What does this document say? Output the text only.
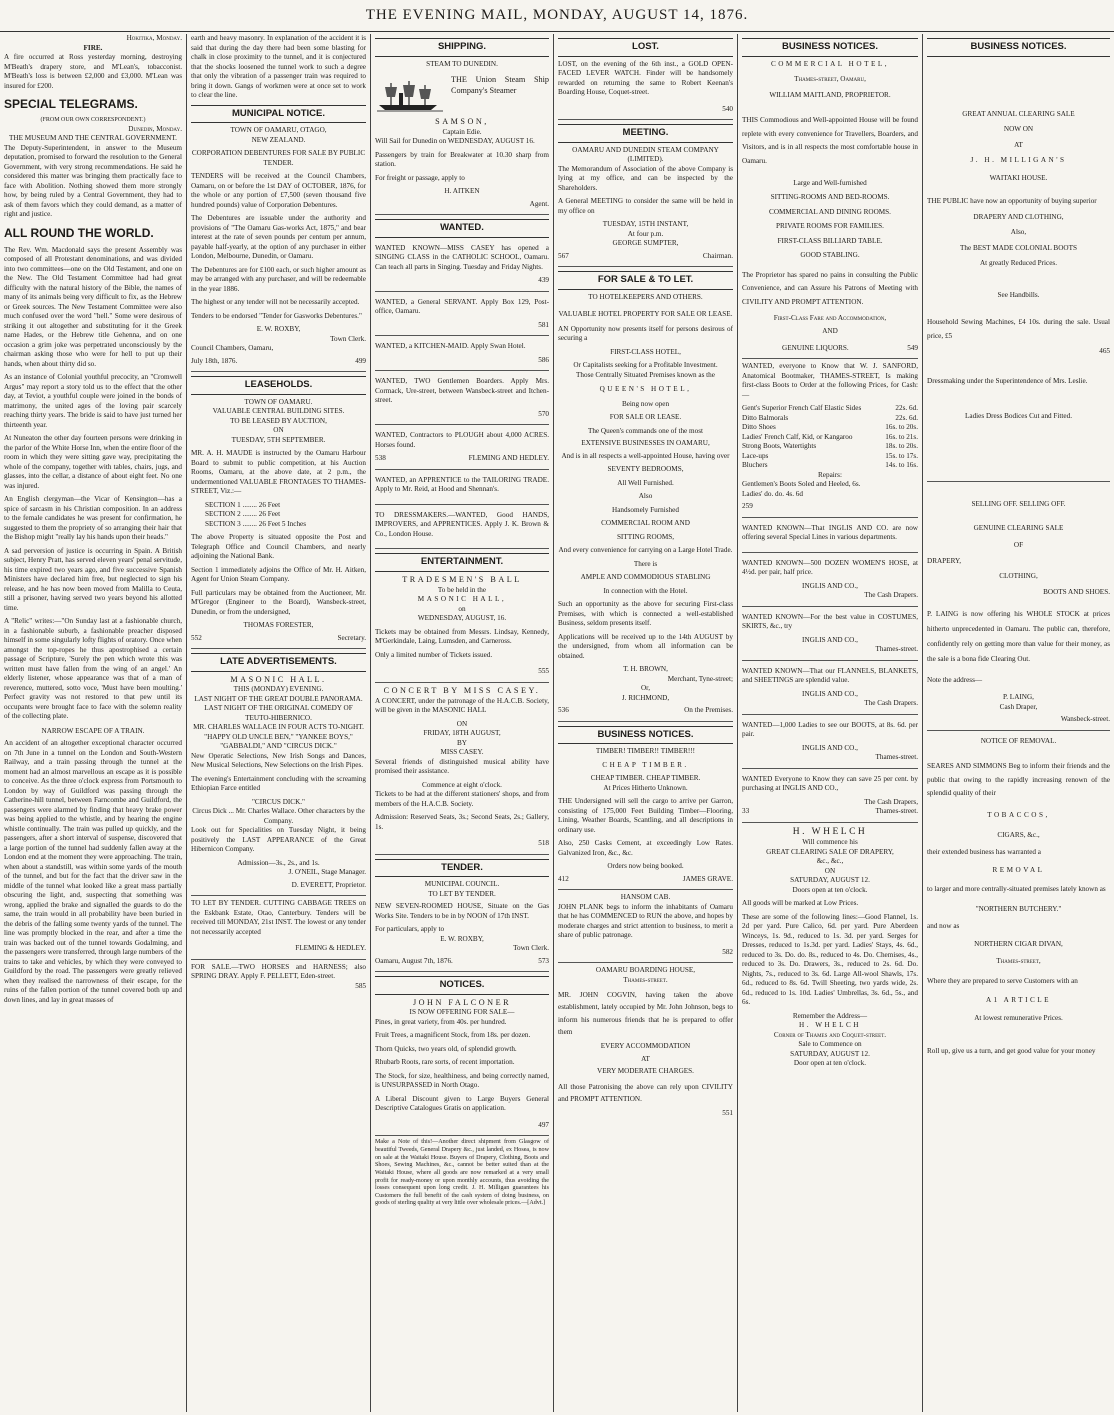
THE EVENING MAIL, MONDAY, AUGUST 14, 1876.
Hokitika, Monday.
FIRE.

A fire occurred at Ross yesterday morning, destroying M'Beath's drapery store, and M'Lean's, tobacconist. M'Beath's loss is between £2,000 and £3,000. M'Lean was insured for £200.

SPECIAL TELEGRAMS.
(FROM OUR OWN CORRESPONDENT.)
Dunedin, Monday.
THE MUSEUM AND THE CENTRAL GOVERNMENT.

The Deputy-Superintendent, in answer to the Museum deputation, promised to forward the resolution to the General Government, with very strong recommendations. He said he considered this matter was bringing them practically face to face with Abolition. Nothing showed them more strongly how, by being ruled by a Central Government, they had to ask of them favors which they could demand, as a matter of right and justice.

ALL ROUND THE WORLD.

The Rev. Wm. Macdonald says the present Assembly was composed of all Protestant denominations, and was divided into two committees—one on the Old Testament, and one on the New. The Old Testament Committee had had great difficulty with the natural history of the Bible, the names of many of its animals being very difficult to fix, as the Hebrew or Greek sources. The New Testament Committee were also much confused over the word "hell." Some were desirous of striking it out altogether and substituting for it the Greek name Hades, or the Hebrew title Gehenna, and on one occasion a grim joke was perpetrated unconsciously by the chairman asking those who were for hell to put up their hands, when about thirty did so.

As an instance of Colonial youthful precocity, an "Cromwell Argus" may report a story told us to the effect that the other day, at Teviot, a youthful couple were joined in the bonds of matrimony, the united ages of the loving pair scarcely reaching thirty years. The bride is said to have just turned her thirteenth year.

At Nuneaton the other day fourteen persons were drinking in the parlor of the White Horse Inn, when the entire floor of the room in which they were sitting gave way, precipitating the whole of the company, together with tables, chairs, jugs, and glasses, into the cellar, a distance of about eight feet. No one was injured.

An English clergyman—the Vicar of Kensington—has a spice of sarcasm in his Christian composition. In an address to the female candidates he was present for confirmation, he suggested to them the propriety of so arranging their hair that the Bishop might "really lay his hands upon their heads."

A sad perversion of justice is occurring in Spain. A British subject, Henry Pratt, has served eleven years' penal servitude, his time expired two years ago, and five successive Spanish Ministers have declared him free, but neglected to sign his release, and he has now been moved from Malilla to Ceuta, still a prisoner, having served two years beyond his allotted time.

A "Relic" writes:—"On Sunday last at a fashionable church, in a fashionable suburb, a fashionable preacher disposed himself in some singularly lofty flights of oratory. Once when amongst the top-ropes he thus apostrophised a certain passage of Scripture, 'Surely the pen which wrote this was written must have fallen from the wing of an angel.' An elderly listener, whose appearance was that of a man of reverence, muttered, sotto voce, 'Must have been moulting.' Perfect gravity was not restored to that pew until its occupants were brought face to face with the solemn reality of the collecting plate.

NARROW ESCAPE OF A TRAIN.

An accident of an altogether exceptional character occurred on 7th June in a tunnel on the London and South-Western Railway, and a train passing through the tunnel at the moment had an almost marvellous an escape as it is possible to conceive. As the three o'clock express from Portsmouth to London by way of Guildford was passing through the Catherine-hill tunnel, between Farncombe and Guildford, the passengers were alarmed by finding that heavy brake power was being applied to the whistle, and by hearing the engine whistle continually. The train was pulled up quickly, and the passengers, after a short interval of suspense, discovered that a large portion of the tunnel had suddenly fallen away at the London end at the moment they were approaching. The train, when about a standstill, was within some yards of the mouth of the tunnel, and but for the fact that the driver saw in the middle of the tunnel what looked like a great mass partially obscuring the light, and, suspecting that something was wrong, applied the brake and signalled the guards to do the same, the train would in all probability have been buried in the debris of the falling some twenty yards of the tunnel. The line was promptly blocked in the rear, and after a time the train was backed out of the tunnel towards Godalming, and the passengers were transferred, through large numbers of the trains to take and vehicles, by which they were conveyed to Guildford by the road. The passengers were greatly relieved when they realised the narrowness of their escape, for the ruins of the fallen portion of the tunnel covered both up and down lines, and lay in great masses of

earth and heavy masonry. In explanation of the accident it is said that during the day there had been some blasting for chalk in close proximity to the tunnel, and it is conjectured that the shocks loosened the tunnel work to such a degree that only the vibration of a passenger train was required to bring it down. Gangs of workmen were at once set to work to clear the line.

MUNICIPAL NOTICE.
TOWN OF OAMARU, OTAGO,
NEW ZEALAND.
CORPORATION DEBENTURES FOR SALE BY PUBLIC TENDER.

TENDERS will be received at the Council Chambers, Oamaru, on or before the 1st DAY of OCTOBER, 1876, for the whole or any portion of £7,500 (seven thousand five hundred pounds) value of Corporation Debentures.

The Debentures are issuable under the authority and provisions of "The Oamaru Gas-works Act, 1875," and bear interest at the rate of seven pounds per centum per annum, payable half-yearly, at the option of any purchaser in either London, Melbourne, Dunedin, or Oamaru.

The Debentures are for £100 each, or such higher amount as may be arranged with any purchaser, and will be redeemable in the year 1886.

The highest or any tender will not be necessarily accepted.

Tenders to be endorsed "Tender for Gasworks Debentures."

E. W. ROXBY,
Town Clerk.
Council Chambers, Oamaru,
July 18th, 1876.	499
LEASEHOLDS.
TOWN OF OAMARU.
VALUABLE CENTRAL BUILDING SITES.
TO BE LEASED BY AUCTION,
ON
TUESDAY, 5TH SEPTEMBER.

MR. A. H. MAUDE is instructed by the Oamaru Harbour Board to submit to public competition, at his Auction Rooms, Oamaru, at the above date, at 2 p.m., the undermentioned VALUABLE FRONTAGES TO THAMES-STREET, Viz.:—

SECTION 1 ........ 26 Feet
SECTION 2 ........ 26 Feet
SECTION 3 ........ 26 Feet 5 Inches

The above Property is situated opposite the Post and Telegraph Office and Council Chambers, and nearly adjoining the National Bank.

Section 1 immediately adjoins the Office of Mr. H. Aitken, Agent for Union Steam Company.

Full particulars may be obtained from the Auctioneer, Mr. M'Gregor (Engineer to the Board), Wansbeck-street, Dunedin, or from the undersigned,

THOMAS FORESTER,
552	Secretary.
LATE ADVERTISEMENTS.
MASONIC HALL.
THIS (MONDAY) EVENING.
LAST NIGHT OF THE GREAT DOUBLE PANORAMA.
LAST NIGHT OF THE ORIGINAL COMEDY OF TEUTO-HIBERNICO.
MR. CHARLES WALLACE IN FOUR ACTS TO-NIGHT.
"HAPPY OLD UNCLE BEN," "YANKEE BOYS," "GABBALDI," AND "CIRCUS DICK."

New Operatic Selections, New Irish Songs and Dances, New Musical Selections, New Selections on the Irish Pipes.

The evening's Entertainment concluding with the screaming Ethiopian Farce entitled

"CIRCUS DICK."
Circus Dick ... Mr. Charles Wallace. Other characters by the Company.

Look out for Specialities on Tuesday Night, it being positively the LAST APPEARANCE of the Great Hibernicon Company.

Admission—3s., 2s., and 1s.
J. O'NEIL, Stage Manager.
D. EVERETT, Proprietor.

TO LET BY TENDER. CUTTING CABBAGE TREES on the Eskbank Estate, Otao, Canterbury. Tenders will be received till MONDAY, 21st INST. The lowest or any tender not necessarily accepted

FLEMING & HEDLEY.

FOR SALE.—TWO HORSES and HARNESS; also SPRING DRAY. Apply F. PELLETT, Eden-street.

585
SHIPPING.
STEAM TO DUNEDIN.

THE Union Steam Ship Company's Steamer

SAMSON,
Captain Edie.

Will Sail for Dunedin on WEDNESDAY, AUGUST 16.

Passengers by train for Breakwater at 10.30 sharp from station.

For freight or passage, apply to

H. AITKEN
Agent.
WANTED.

WANTED KNOWN—MISS CASEY has opened a SINGING CLASS in the CATHOLIC SCHOOL, Oamaru. Can teach all parts in Singing. Tuesday and Friday Nights.

439

WANTED, a General SERVANT. Apply Box 129, Post-office, Oamaru.

581

WANTED, a KITCHEN-MAID. Apply Swan Hotel.

586

WANTED, TWO Gentlemen Boarders. Apply Mrs. Cormack, Ure-street, between Wansbeck-street and Itchen-street.

570

WANTED, Contractors to PLOUGH about 4,000 ACRES. Horses found.

538	FLEMING AND HEDLEY.

WANTED, an APPRENTICE to the TAILORING TRADE. Apply to Mr. Reid, at Hood and Shennan's.

TO DRESSMAKERS.—WANTED, Good HANDS, IMPROVERS, and APPRENTICES. Apply J. K. Brown & Co., London House.

ENTERTAINMENT.
TRADESMEN'S BALL
To be held in the
MASONIC HALL,
on
WEDNESDAY, AUGUST, 16.

Tickets may be obtained from Messrs. Lindsay, Kennedy, M'Gerkindale, Laing, Lumsden, and Carneross.

Only a limited number of Tickets issued.

555
CONCERT BY MISS CASEY.

A CONCERT, under the patronage of the H.A.C.B. Society, will be given in the MASONIC HALL

ON
FRIDAY, 18TH AUGUST,
BY
MISS CASEY.

Several friends of distinguished musical ability have promised their assistance.

Commence at eight o'clock.

Tickets to be had at the different stationers' shops, and from members of the H.A.C.B. Society.

Admission: Reserved Seats, 3s.; Second Seats, 2s.; Gallery, 1s.

518
TENDER.
MUNICIPAL COUNCIL.
TO LET BY TENDER.

NEW SEVEN-ROOMED HOUSE, Situate on the Gas Works Site. Tenders to be in by NOON of 17th INST.

For particulars, apply to
E. W. ROXBY,
Town Clerk.
Oamaru, August 7th, 1876.	573
NOTICES.
JOHN FALCONER
IS NOW OFFERING FOR SALE—

Pines, in great variety, from 40s. per hundred.

Fruit Trees, a magnificent Stock, from 18s. per dozen.

Thorn Quicks, two years old, of splendid growth.

Rhubarb Roots, rare sorts, of recent importation.

The Stock, for size, healthiness, and being correctly named, is UNSURPASSED in North Otago.

A Liberal Discount given to Large Buyers General Descriptive Catalogues Gratis on application.

497

Make a Note of this!—Another direct shipment from Glasgow of beautiful Tweeds, General Drapery &c., just landed, ex Hosea, is now on sale at the Waitaki House. Buyers of Drapery, Clothing, Boots and Shoes, Sewing Machines, &c., cannot be better suited than at the Waitaki House, where all goods are now remarked at a very small profit for ready-money or upon monthly accounts, thus avoiding the losses consequent upon long credit. J. H. Milligan guarantees his Customers the full benefit of the cash system of doing business, on goods of sterling quality at very little over wholesale prices.—[Advt.]

LOST.

LOST, on the evening of the 6th inst., a GOLD OPEN-FACED LEVER WATCH. Finder will be handsomely rewarded on returning the same to Robert Keenan's Boarding House, Coquet-street.

540
MEETING.
OAMARU AND DUNEDIN STEAM COMPANY (LIMITED).

The Memorandum of Association of the above Company is lying at my office, and can be inspected by the Shareholders.

A General MEETING to consider the same will be held in my office on

TUESDAY, 15TH INSTANT,
At four p.m.
GEORGE SUMPTER,
567	Chairman.
FOR SALE & TO LET.
TO HOTELKEEPERS AND OTHERS.
VALUABLE HOTEL PROPERTY FOR SALE OR LEASE.

AN Opportunity now presents itself for persons desirous of securing a

FIRST-CLASS HOTEL,
Or Capitalists seeking for a Profitable Investment.
Those Centrally Situated Premises known as the
QUEEN'S HOTEL,
Being now open
FOR SALE OR LEASE.
The Queen's commands one of the most
EXTENSIVE BUSINESSES IN OAMARU,
And is in all respects a well-appointed House, having over
SEVENTY BEDROOMS,
All Well Furnished.
Also
Handsomely Furnished
COMMERCIAL ROOM AND
SITTING ROOMS,
And every convenience for carrying on a Large Hotel Trade.
There is
AMPLE AND COMMODIOUS STABLING
In connection with the Hotel.

Such an opportunity as the above for securing First-class Premises, with which is connected a well-established Business, seldom presents itself.

Applications will be received up to the 14th AUGUST by the undersigned, from whom all information can be obtained.

T. H. BROWN,
Merchant, Tyne-street;
Or,
J. RICHMOND,
536	On the Premises.
BUSINESS NOTICES.
TIMBER! TIMBER!! TIMBER!!!
CHEAP TIMBER.
CHEAP TIMBER. CHEAP TIMBER.
At Prices Hitherto Unknown.

THE Undersigned will sell the cargo to arrive per Garron, consisting of 175,000 Feet Building Timber—Flooring, Lining, Weather Boards, Scantling, and all descriptions in ordinary use.

Also, 250 Casks Cement, at exceedingly Low Rates. Galvanized Iron, &c., &c.

Orders now being booked.
412	JAMES GRAVE.
HANSOM CAB.

JOHN PLANK begs to inform the inhabitants of Oamaru that he has COMMENCED to RUN the above, and hopes by moderate charges and strict attention to business, to merit a share of public patronage.

582
OAMARU BOARDING HOUSE,
Thames-street.

MR. JOHN COGVIN, having taken the above establishment, lately occupied by Mr. John Johnson, begs to inform his numerous friends that he is prepared to offer them

EVERY ACCOMMODATION
AT
VERY MODERATE CHARGES.

All those Patronising the above can rely upon CIVILITY and PROMPT ATTENTION.

551
BUSINESS NOTICES.
COMMERCIAL HOTEL,
Thames-street, Oamaru,
WILLIAM MAITLAND, PROPRIETOR.

THIS Commodious and Well-appointed House will be found replete with every convenience for Travellers, Boarders, and Visitors, and is in all respects the most comfortable house in Oamaru.

Large and Well-furnished
SITTING-ROOMS AND BED-ROOMS.
COMMERCIAL AND DINING ROOMS.
PRIVATE ROOMS FOR FAMILIES.
FIRST-CLASS BILLIARD TABLE.
GOOD STABLING.

The Proprietor has spared no pains in consulting the Public Convenience, and can Assure his Patrons of Meeting with CIVILITY AND PROMPT ATTENTION.

First-Class Fare and Accommodation,
AND
GENUINE LIQUORS.	549

WANTED, everyone to Know that W. J. SANFORD, Anatomical Bootmaker, THAMES-STREET, Is making first-class Boots to Order at the following Prices, for Cash:—

Gent's Superior French Calf Elastic Sides	22s. 6d.
Ditto Balmorals	22s. 6d.
Ditto Shoes	16s. to 20s.
Ladies' French Calf, Kid, or Kangaroo	16s. to 21s.
Strong Boots, Watertights	18s. to 20s.
Lace-ups	15s. to 17s.
Bluchers	14s. to 16s.
Repairs:
Gentlemen's Boots Soled and Heeled, 6s.
Ladies' do. do. 4s. 6d
259

WANTED KNOWN—That INGLIS AND CO. are now offering several Special Lines in various departments.

WANTED KNOWN—500 DOZEN WOMEN'S HOSE, at 4½d. per pair, half price.

INGLIS AND CO.,
The Cash Drapers.

WANTED KNOWN—For the best value in COSTUMES, SKIRTS, &c., try

INGLIS AND CO.,
Thames-street.

WANTED KNOWN—That our FLANNELS, BLANKETS, and SHEETINGS are splendid value.

INGLIS AND CO.,
The Cash Drapers.

WANTED—1,000 Ladies to see our BOOTS, at 8s. 6d. per pair.

INGLIS AND CO.,
Thames-street.

WANTED Everyone to Know they can save 25 per cent. by purchasing at INGLIS AND CO.,

The Cash Drapers,
33	Thames-street.
H. WHELCH
Will commence his
GREAT CLEARING SALE OF DRAPERY,
&c., &c.,
ON
SATURDAY, AUGUST 12.
Doors open at ten o'clock.

All goods will be marked at Low Prices.

These are some of the following lines:—Good Flannel, 1s. 2d per yard. Pure Calico, 6d. per yard. Pure Aberdeen Winceys, 1s. 9d., reduced to 1s. 3d. per yard. Serges for Dresses, reduced to 1s.3d. per yard. Ladies' Stays, 4s. 6d., reduced to 3s. Do. do. 8s., reduced to 4s. Do. Chemises, 4s., reduced to 3s. Do. Drawers, 3s., reduced to 2s. 6d. Do. Nights, 7s., reduced to 3s. 6d. Large All-wool Shawls, 17s. 6d., reduced to 8s. 6d. Twill Sheeting, two yards wide, 2s. 6d., reduced to 1s. 10d. Ladies' Umbrellas, 3s. 6d., 5s., and 6s.

Remember the Address—
H. WHELCH
Corner of Thames and Coquet-street.
Sale to Commence on
SATURDAY, AUGUST 12.
Door open at ten o'clock.
BUSINESS NOTICES.
GREAT ANNUAL CLEARING SALE
NOW ON
AT
J. H. MILLIGAN'S
WAITAKI HOUSE.

THE PUBLIC have now an opportunity of buying superior

DRAPERY AND CLOTHING,
Also,
The BEST MADE COLONIAL BOOTS
At greatly Reduced Prices.
See Handbills.

Household Sewing Machines, £4 10s. during the sale. Usual price, £5

465

Dressmaking under the Superintendence of Mrs. Leslie.

Ladies Dress Bodices Cut and Fitted.
SELLING OFF. SELLING OFF.
GENUINE CLEARING SALE
OF
DRAPERY,
CLOTHING,
BOOTS AND SHOES.

P. LAING is now offering his WHOLE STOCK at prices hitherto unprecedented in Oamaru. The public can, therefore, confidently rely on getting more than value for their money, as the sale is a bona fide Clearing Out.

Note the address—
P. LAING,
Cash Draper,
Wansbeck-street.
NOTICE OF REMOVAL.

SEARES AND SIMMONS Beg to inform their friends and the public that owing to the rapidly increasing renown of the splendid quality of their

TOBACCOS,
CIGARS, &c.,
their extended business has warranted a
REMOVAL

to larger and more centrally-situated premises lately known as

"NORTHERN BUTCHERY."
and now as
NORTHERN CIGAR DIVAN,
Thames-street,

Where they are prepared to serve Customers with an

A1 ARTICLE
At lowest remunerative Prices.

Roll up, give us a turn, and get good value for your money
